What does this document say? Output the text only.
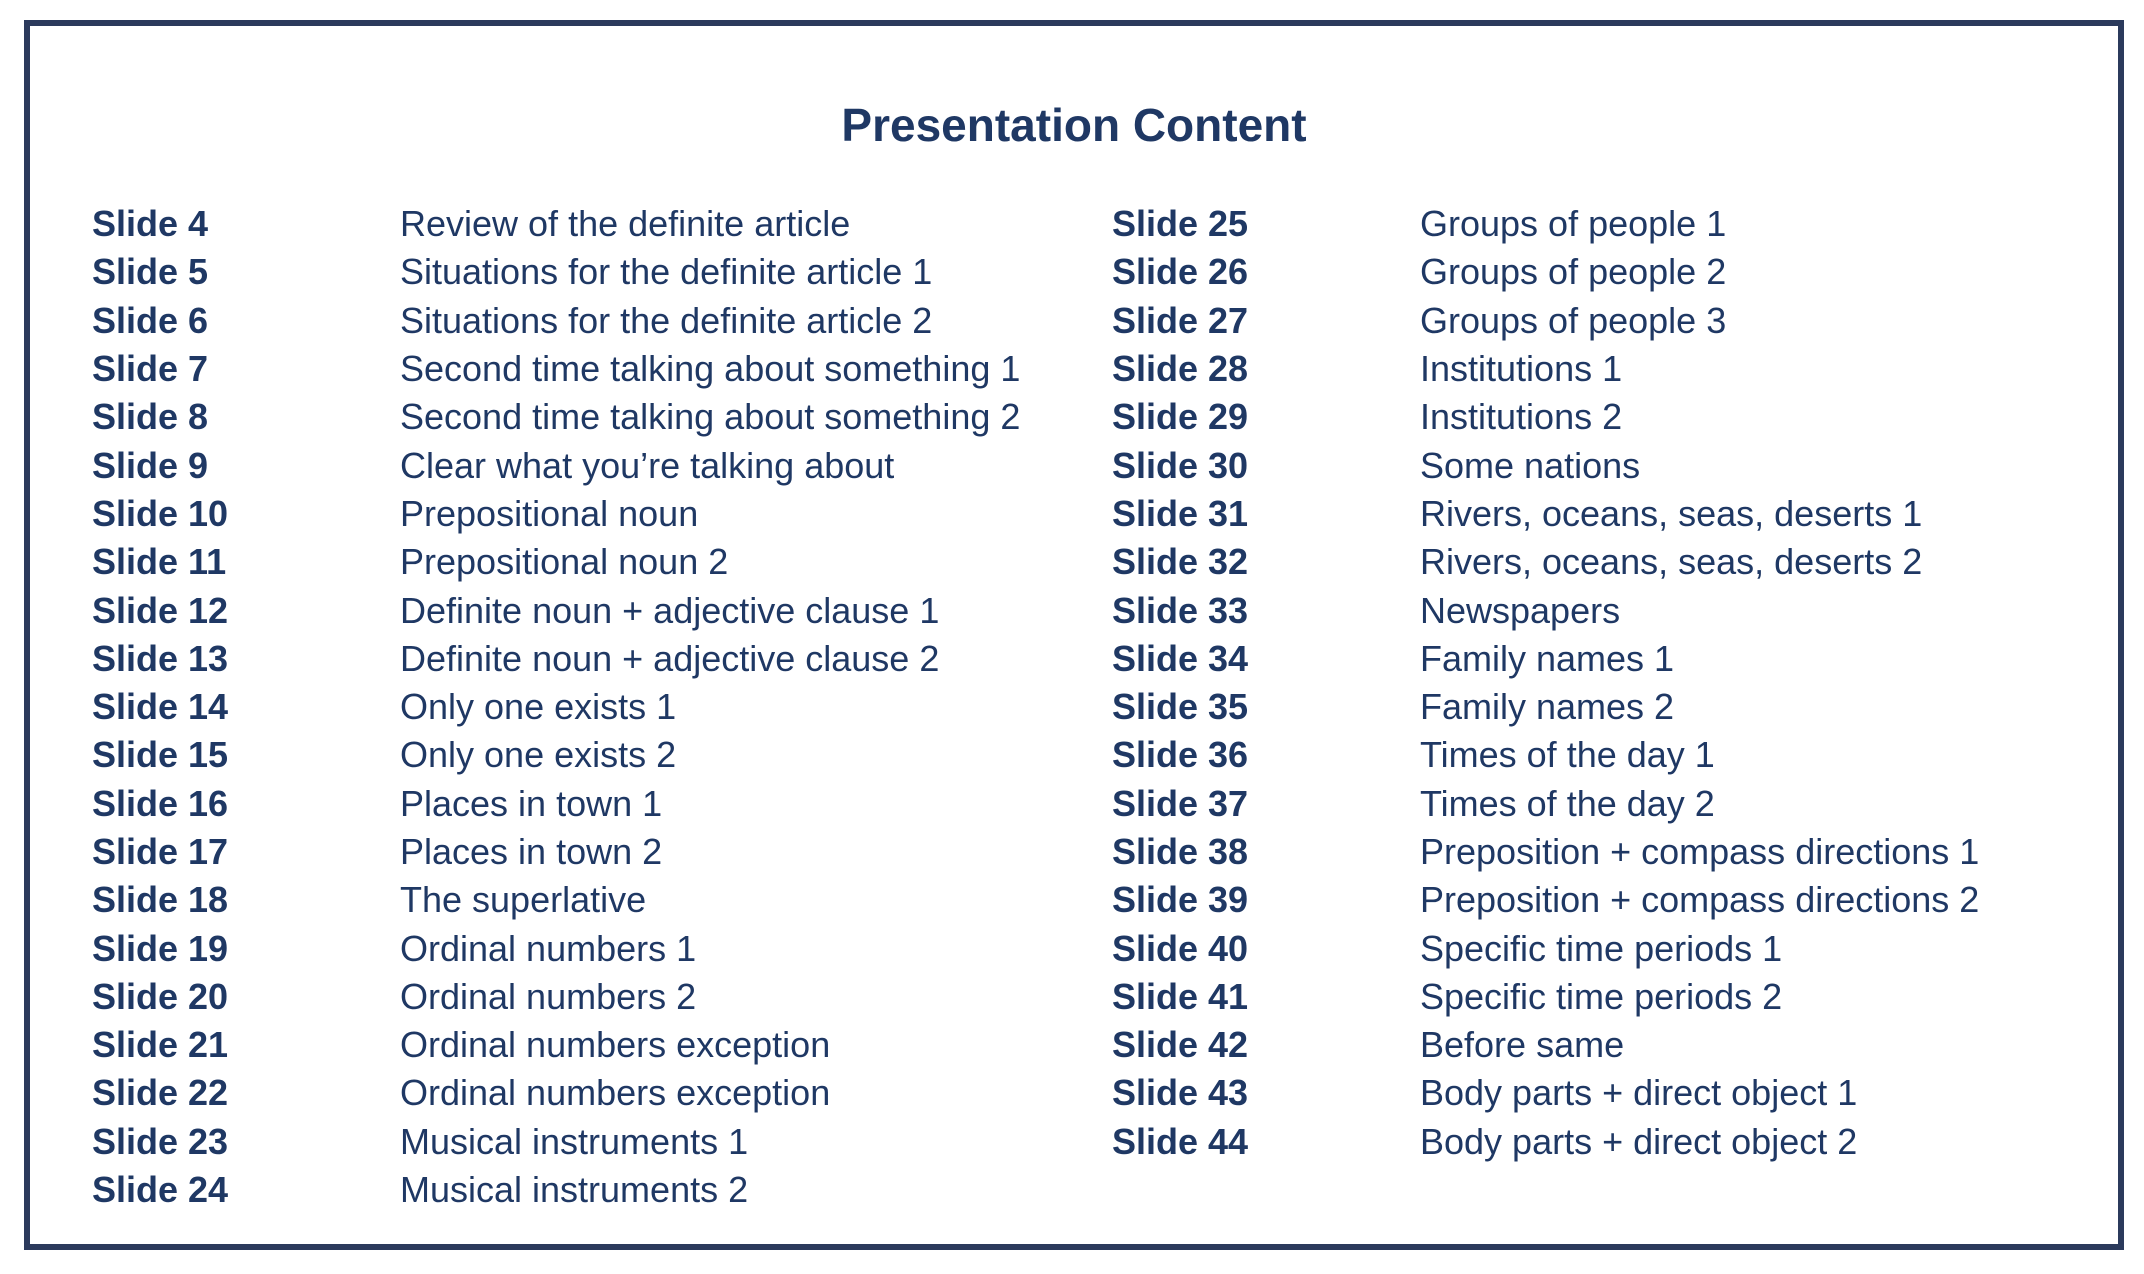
Presentation Content
Slide 4	Review of the definite article
Slide 5	Situations for the definite article 1
Slide 6	Situations for the definite article 2
Slide 7	Second time talking about something 1
Slide 8	Second time talking about something 2
Slide 9	Clear what you’re talking about
Slide 10	Prepositional noun
Slide 11	Prepositional noun 2
Slide 12	Definite noun + adjective clause 1
Slide 13	Definite noun + adjective clause 2
Slide 14	Only one exists 1
Slide 15	Only one exists 2
Slide 16	Places in town 1
Slide 17	Places in town 2
Slide 18	The superlative
Slide 19	Ordinal numbers 1
Slide 20	Ordinal numbers 2
Slide 21	Ordinal numbers exception
Slide 22	Ordinal numbers exception
Slide 23	Musical instruments 1
Slide 24	Musical instruments 2
Slide 25	Groups of people 1
Slide 26	Groups of people 2
Slide 27	Groups of people 3
Slide 28	Institutions 1
Slide 29	Institutions 2
Slide 30	Some nations
Slide 31	Rivers, oceans, seas, deserts 1
Slide 32	Rivers, oceans, seas, deserts 2
Slide 33	Newspapers
Slide 34	Family names 1
Slide 35	Family names 2
Slide 36	Times of the day 1
Slide 37	Times of the day 2
Slide 38	Preposition + compass directions 1
Slide 39	Preposition + compass directions 2
Slide 40	Specific time periods 1
Slide 41	Specific time periods 2
Slide 42	Before same
Slide 43	Body parts + direct object 1
Slide 44	Body parts + direct object 2
